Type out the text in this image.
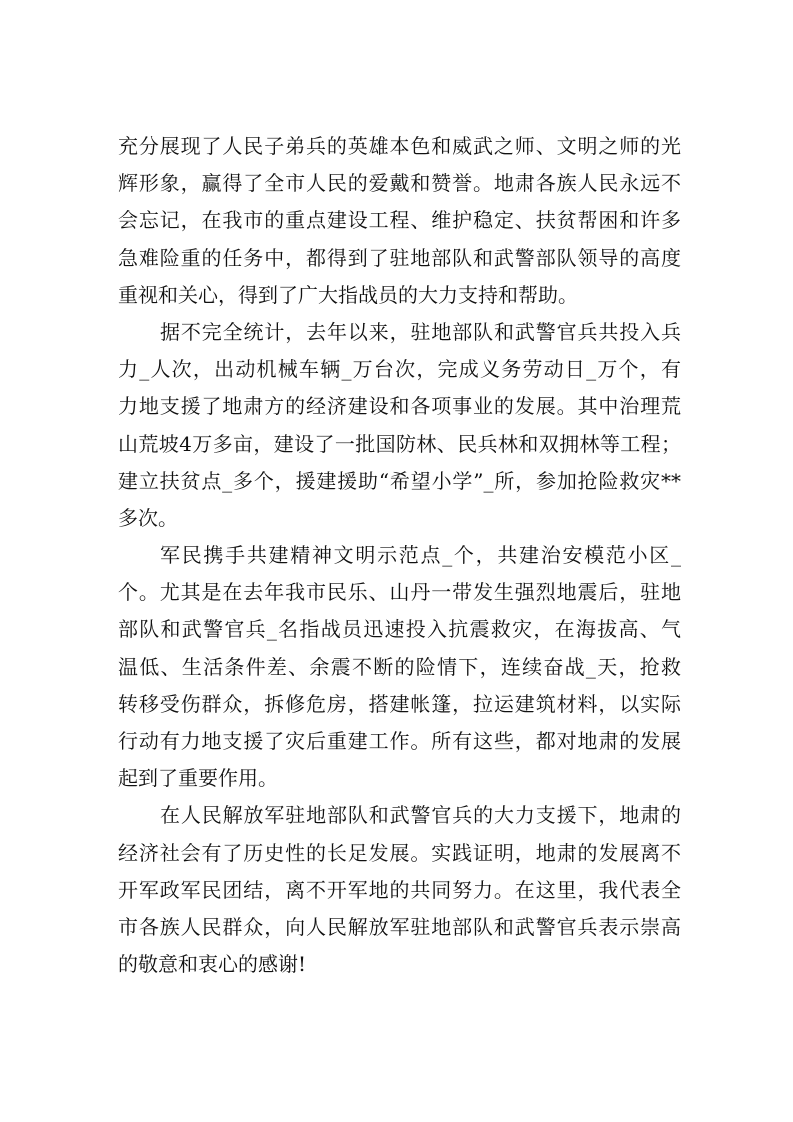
充分展现了人民子弟兵的英雄本色和威武之师、文明之师的光
辉形象，赢得了全市人民的爱戴和赞誉。地肃各族人民永远不
会忘记，在我市的重点建设工程、维护稳定、扶贫帮困和许多
急难险重的任务中，都得到了驻地部队和武警部队领导的高度
重视和关心，得到了广大指战员的大力支持和帮助。
据不完全统计，去年以来，驻地部队和武警官兵共投入兵
力_人次，出动机械车辆_万台次，完成义务劳动日_万个，有
力地支援了地肃方的经济建设和各项事业的发展。其中治理荒
山荒坡4万多亩，建设了一批国防林、民兵林和双拥林等工程；
建立扶贫点_多个，援建援助“希望小学”_所，参加抢险救灾**
多次。
军民携手共建精神文明示范点_个，共建治安模范小区_
个。尤其是在去年我市民乐、山丹一带发生强烈地震后，驻地
部队和武警官兵_名指战员迅速投入抗震救灾，在海拔高、气
温低、生活条件差、余震不断的险情下，连续奋战_天，抢救
转移受伤群众，拆修危房，搭建帐篷，拉运建筑材料，以实际
行动有力地支援了灾后重建工作。所有这些，都对地肃的发展
起到了重要作用。
在人民解放军驻地部队和武警官兵的大力支援下，地肃的
经济社会有了历史性的长足发展。实践证明，地肃的发展离不
开军政军民团结，离不开军地的共同努力。在这里，我代表全
市各族人民群众，向人民解放军驻地部队和武警官兵表示崇高
的敬意和衷心的感谢!
